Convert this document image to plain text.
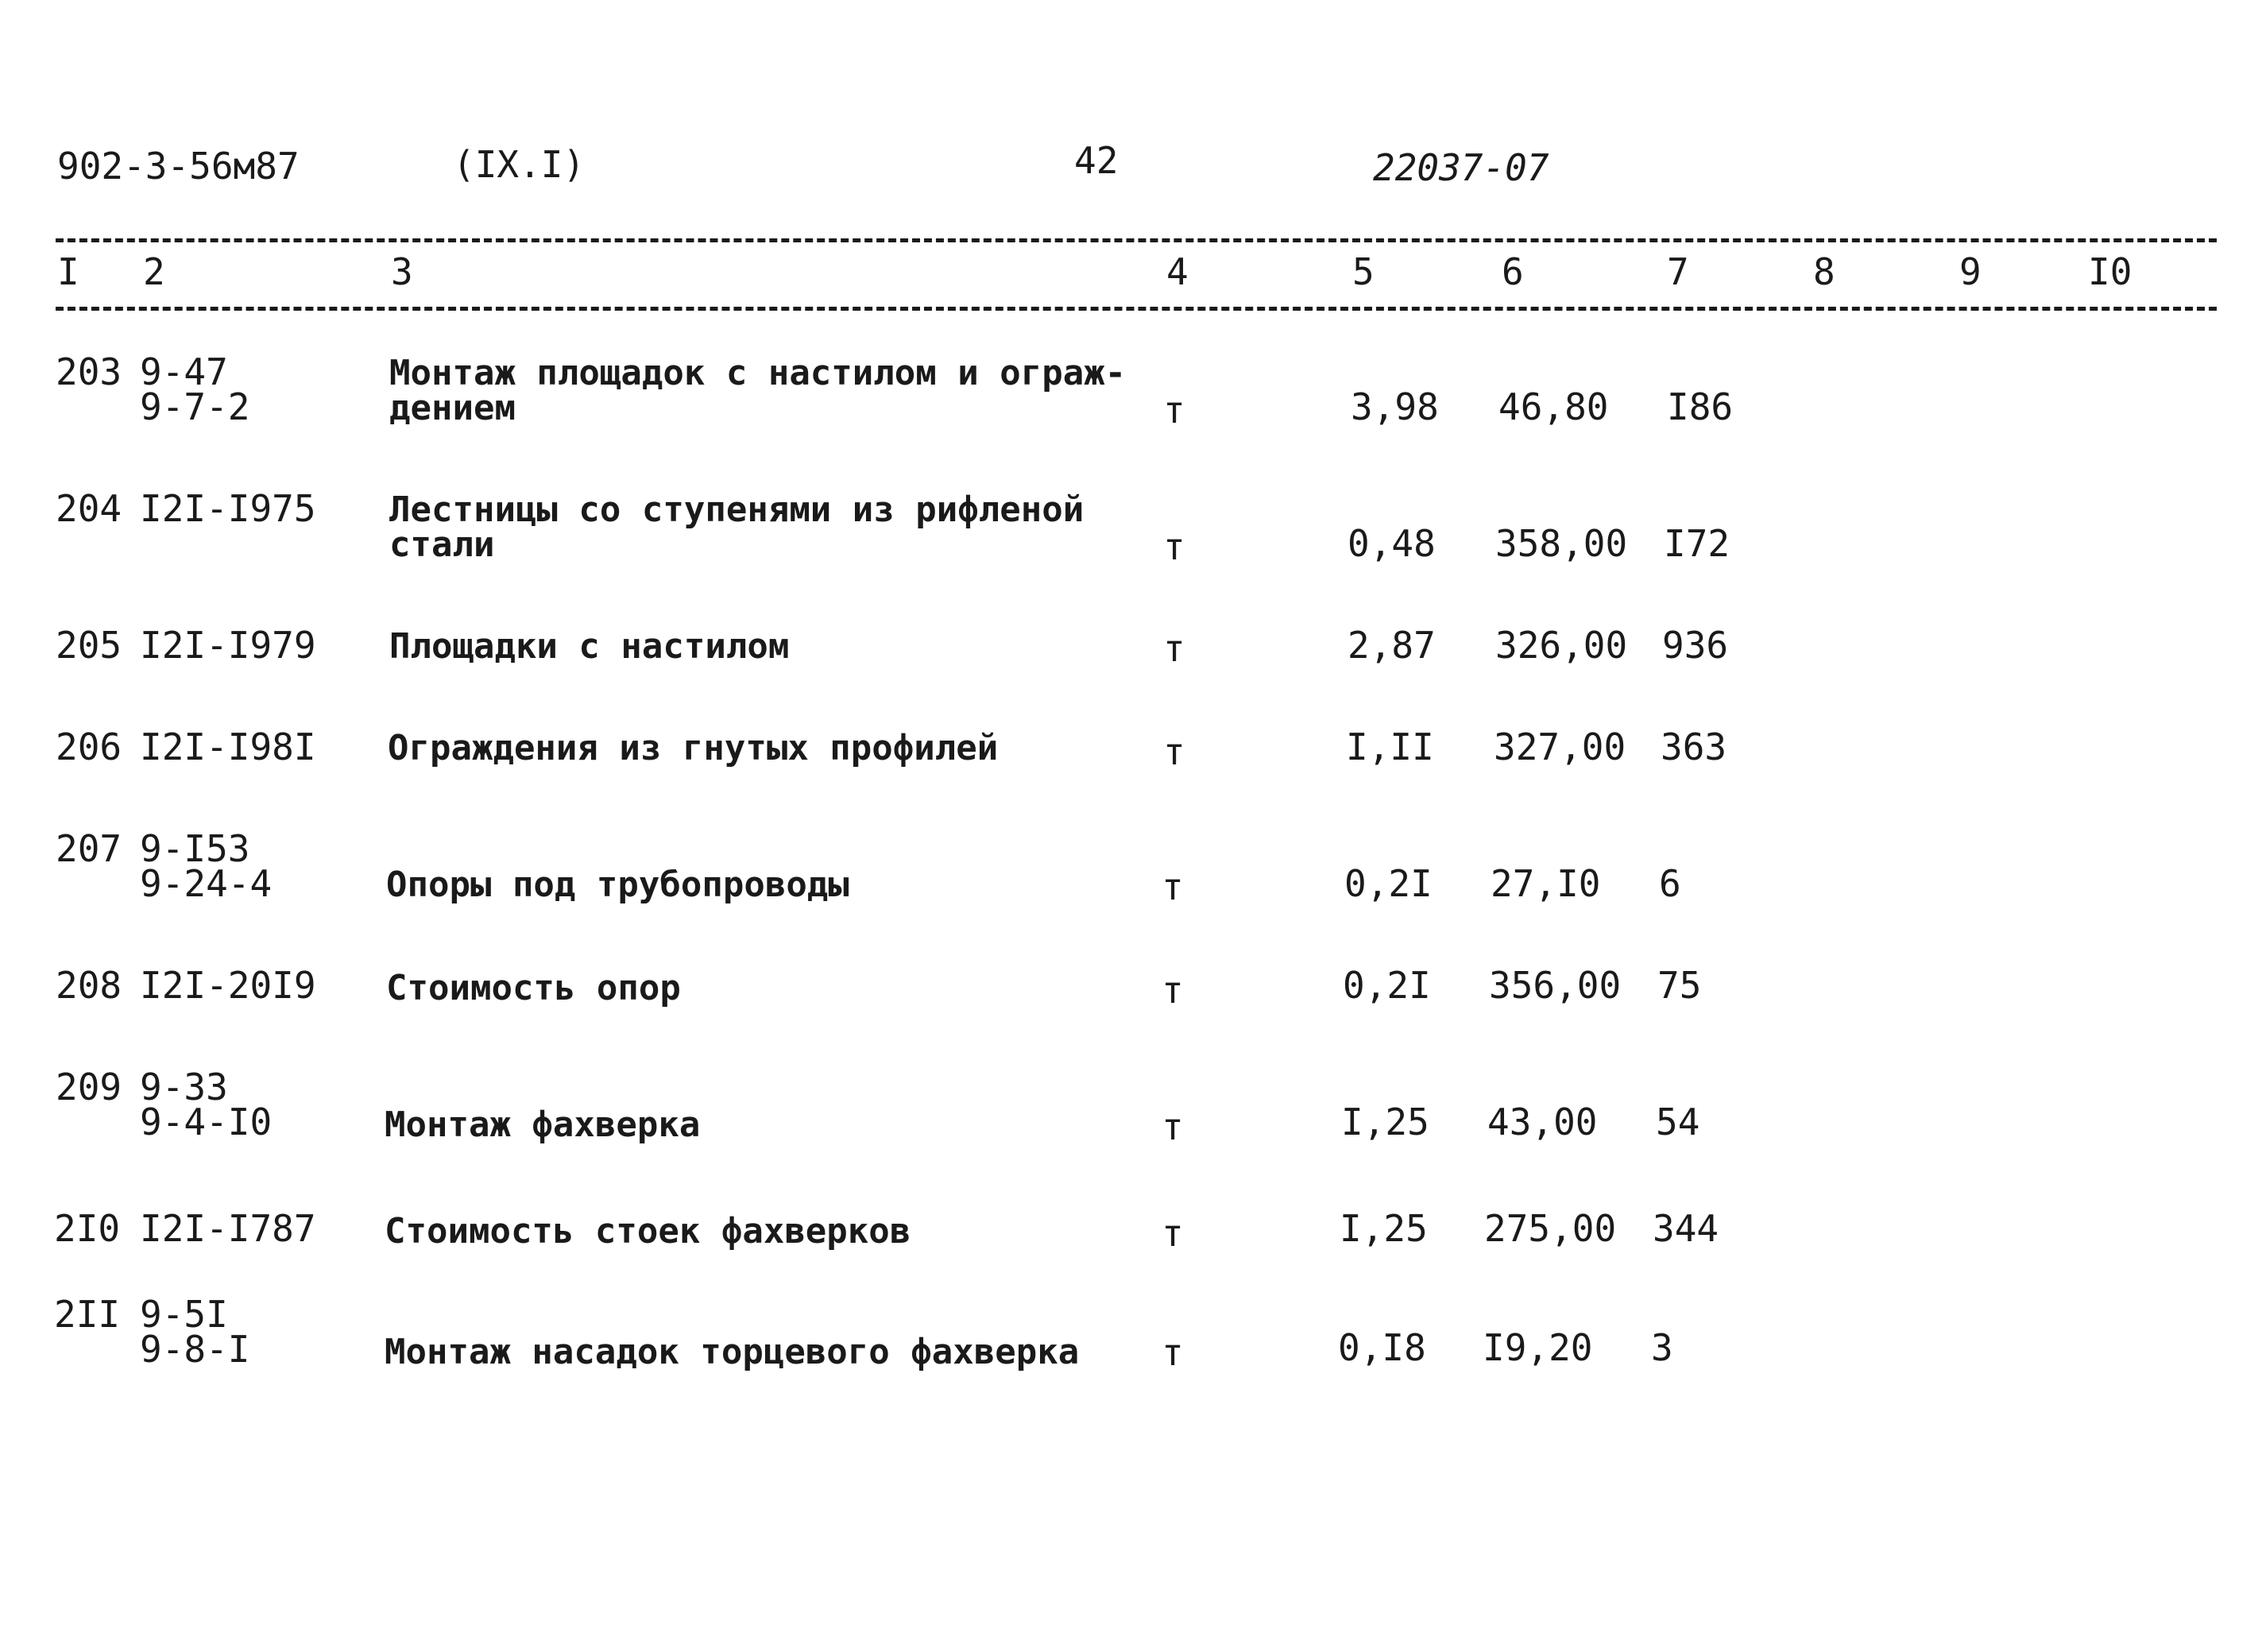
902-3-56м87	(IX.I)	42	22037-07
I 2	3	4	5	6	7	8	9	I0
203 9-47
9-7-2
Монтаж площадок с настилом и ограж-
дением	т	3,98 46,80 I86
204 I2I-I975 Лестницы со ступенями из рифленой
стали	т	0,48 358,00 I72
205 I2I-I979 Площадки с настилом	т	2,87 326,00 936
206 I2I-I98I Ограждения из гнутых профилей	т	I,II 327,00 363
207 9-I53
9-24-4	Опоры под трубопроводы	т	0,2I 27,I0 6
208 I2I-20I9 Стоимость опор	т	0,2I 356,00 75
209 9-33
9-4-I0	Монтаж фахверка	т	I,25 43,00 54
2I0 I2I-I787 Стоимость стоек фахверков	т	I,25 275,00 344
2II 9-5I
9-8-I	Монтаж насадок торцевого фахверка т	0,I8 I9,20 3
